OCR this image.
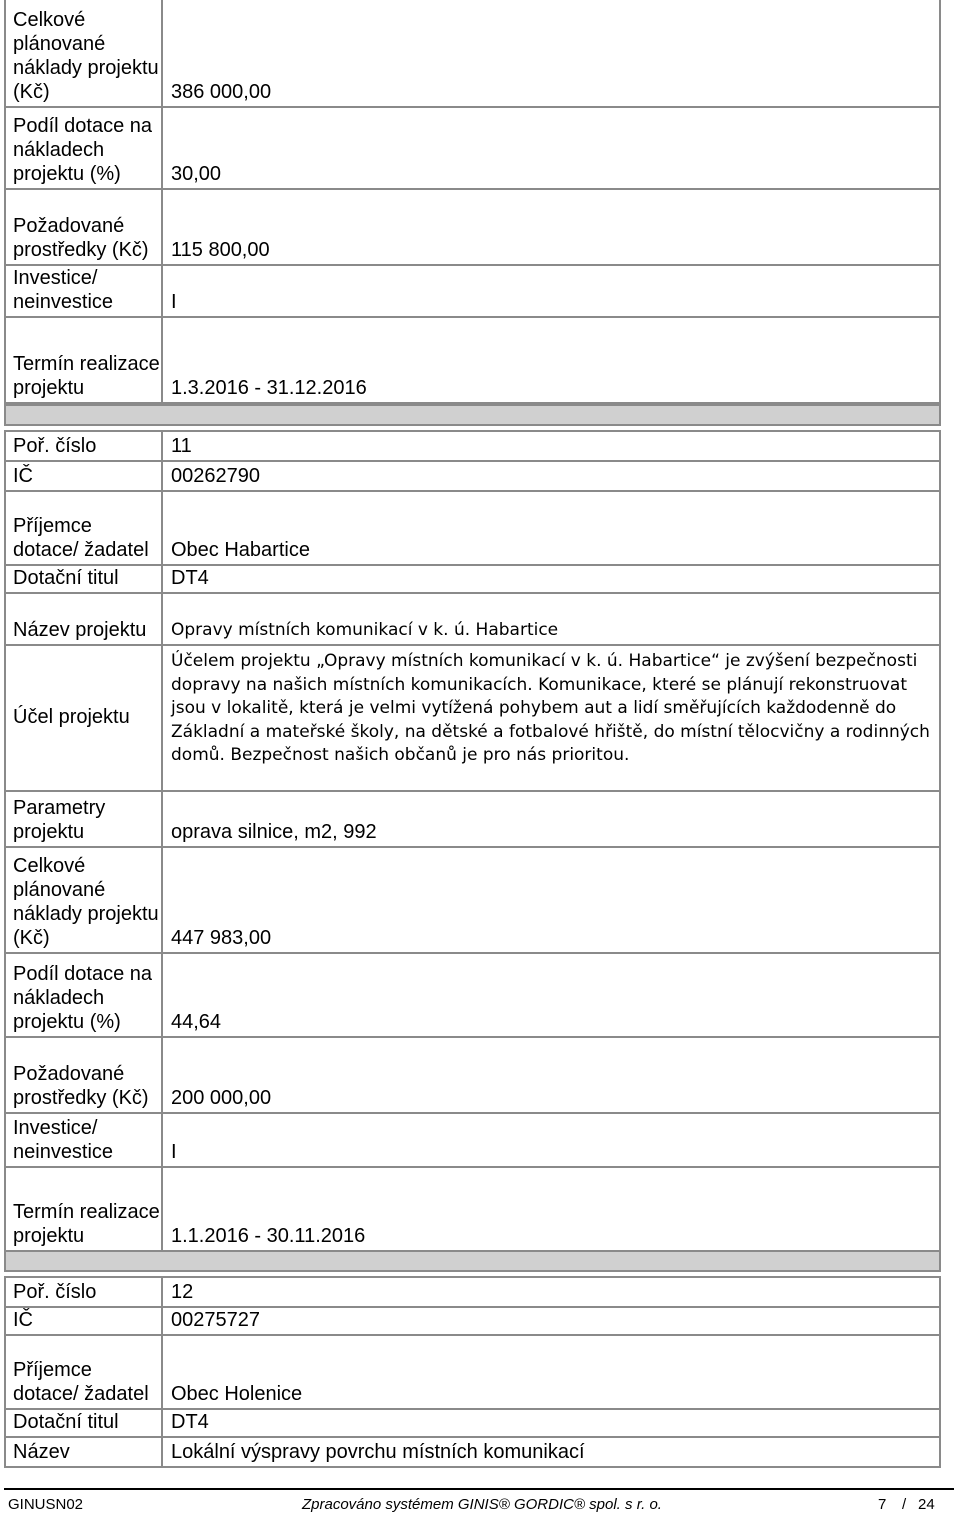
Celkové plánované náklady projektu (Kč)	386 000,00
Podíl dotace na nákladech projektu (%)	30,00
Požadované prostředky (Kč)	115 800,00
Investice/ neinvestice	I
Termín realizace projektu	1.3.2016 - 31.12.2016
Poř. číslo	11
IČ	00262790
Příjemce dotace/ žadatel	Obec Habartice
Dotační titul	DT4
Název projektu	Opravy místních komunikací v k. ú. Habartice
Účel projektu	Účelem projektu „Opravy místních komunikací v k. ú. Habartice“ je zvýšení bezpečnosti dopravy na našich místních komunikacích. Komunikace, které se plánují rekonstruovat jsou v lokalitě, která je velmi vytížená pohybem aut a lidí směřujících každodenně do Základní a mateřské školy, na dětské a fotbalové hřiště, do místní tělocvičny a rodinných domů. Bezpečnost našich občanů je pro nás prioritou.
Parametry projektu	oprava silnice, m2, 992
Celkové plánované náklady projektu (Kč)	447 983,00
Podíl dotace na nákladech projektu (%)	44,64
Požadované prostředky (Kč)	200 000,00
Investice/ neinvestice	I
Termín realizace projektu	1.1.2016 - 30.11.2016
Poř. číslo	12
IČ	00275727
Příjemce dotace/ žadatel	Obec Holenice
Dotační titul	DT4
Název	Lokální výspravy povrchu místních komunikací
GINUSN02	Zpracováno systémem GINIS® GORDIC® spol. s r. o.	7 / 24
